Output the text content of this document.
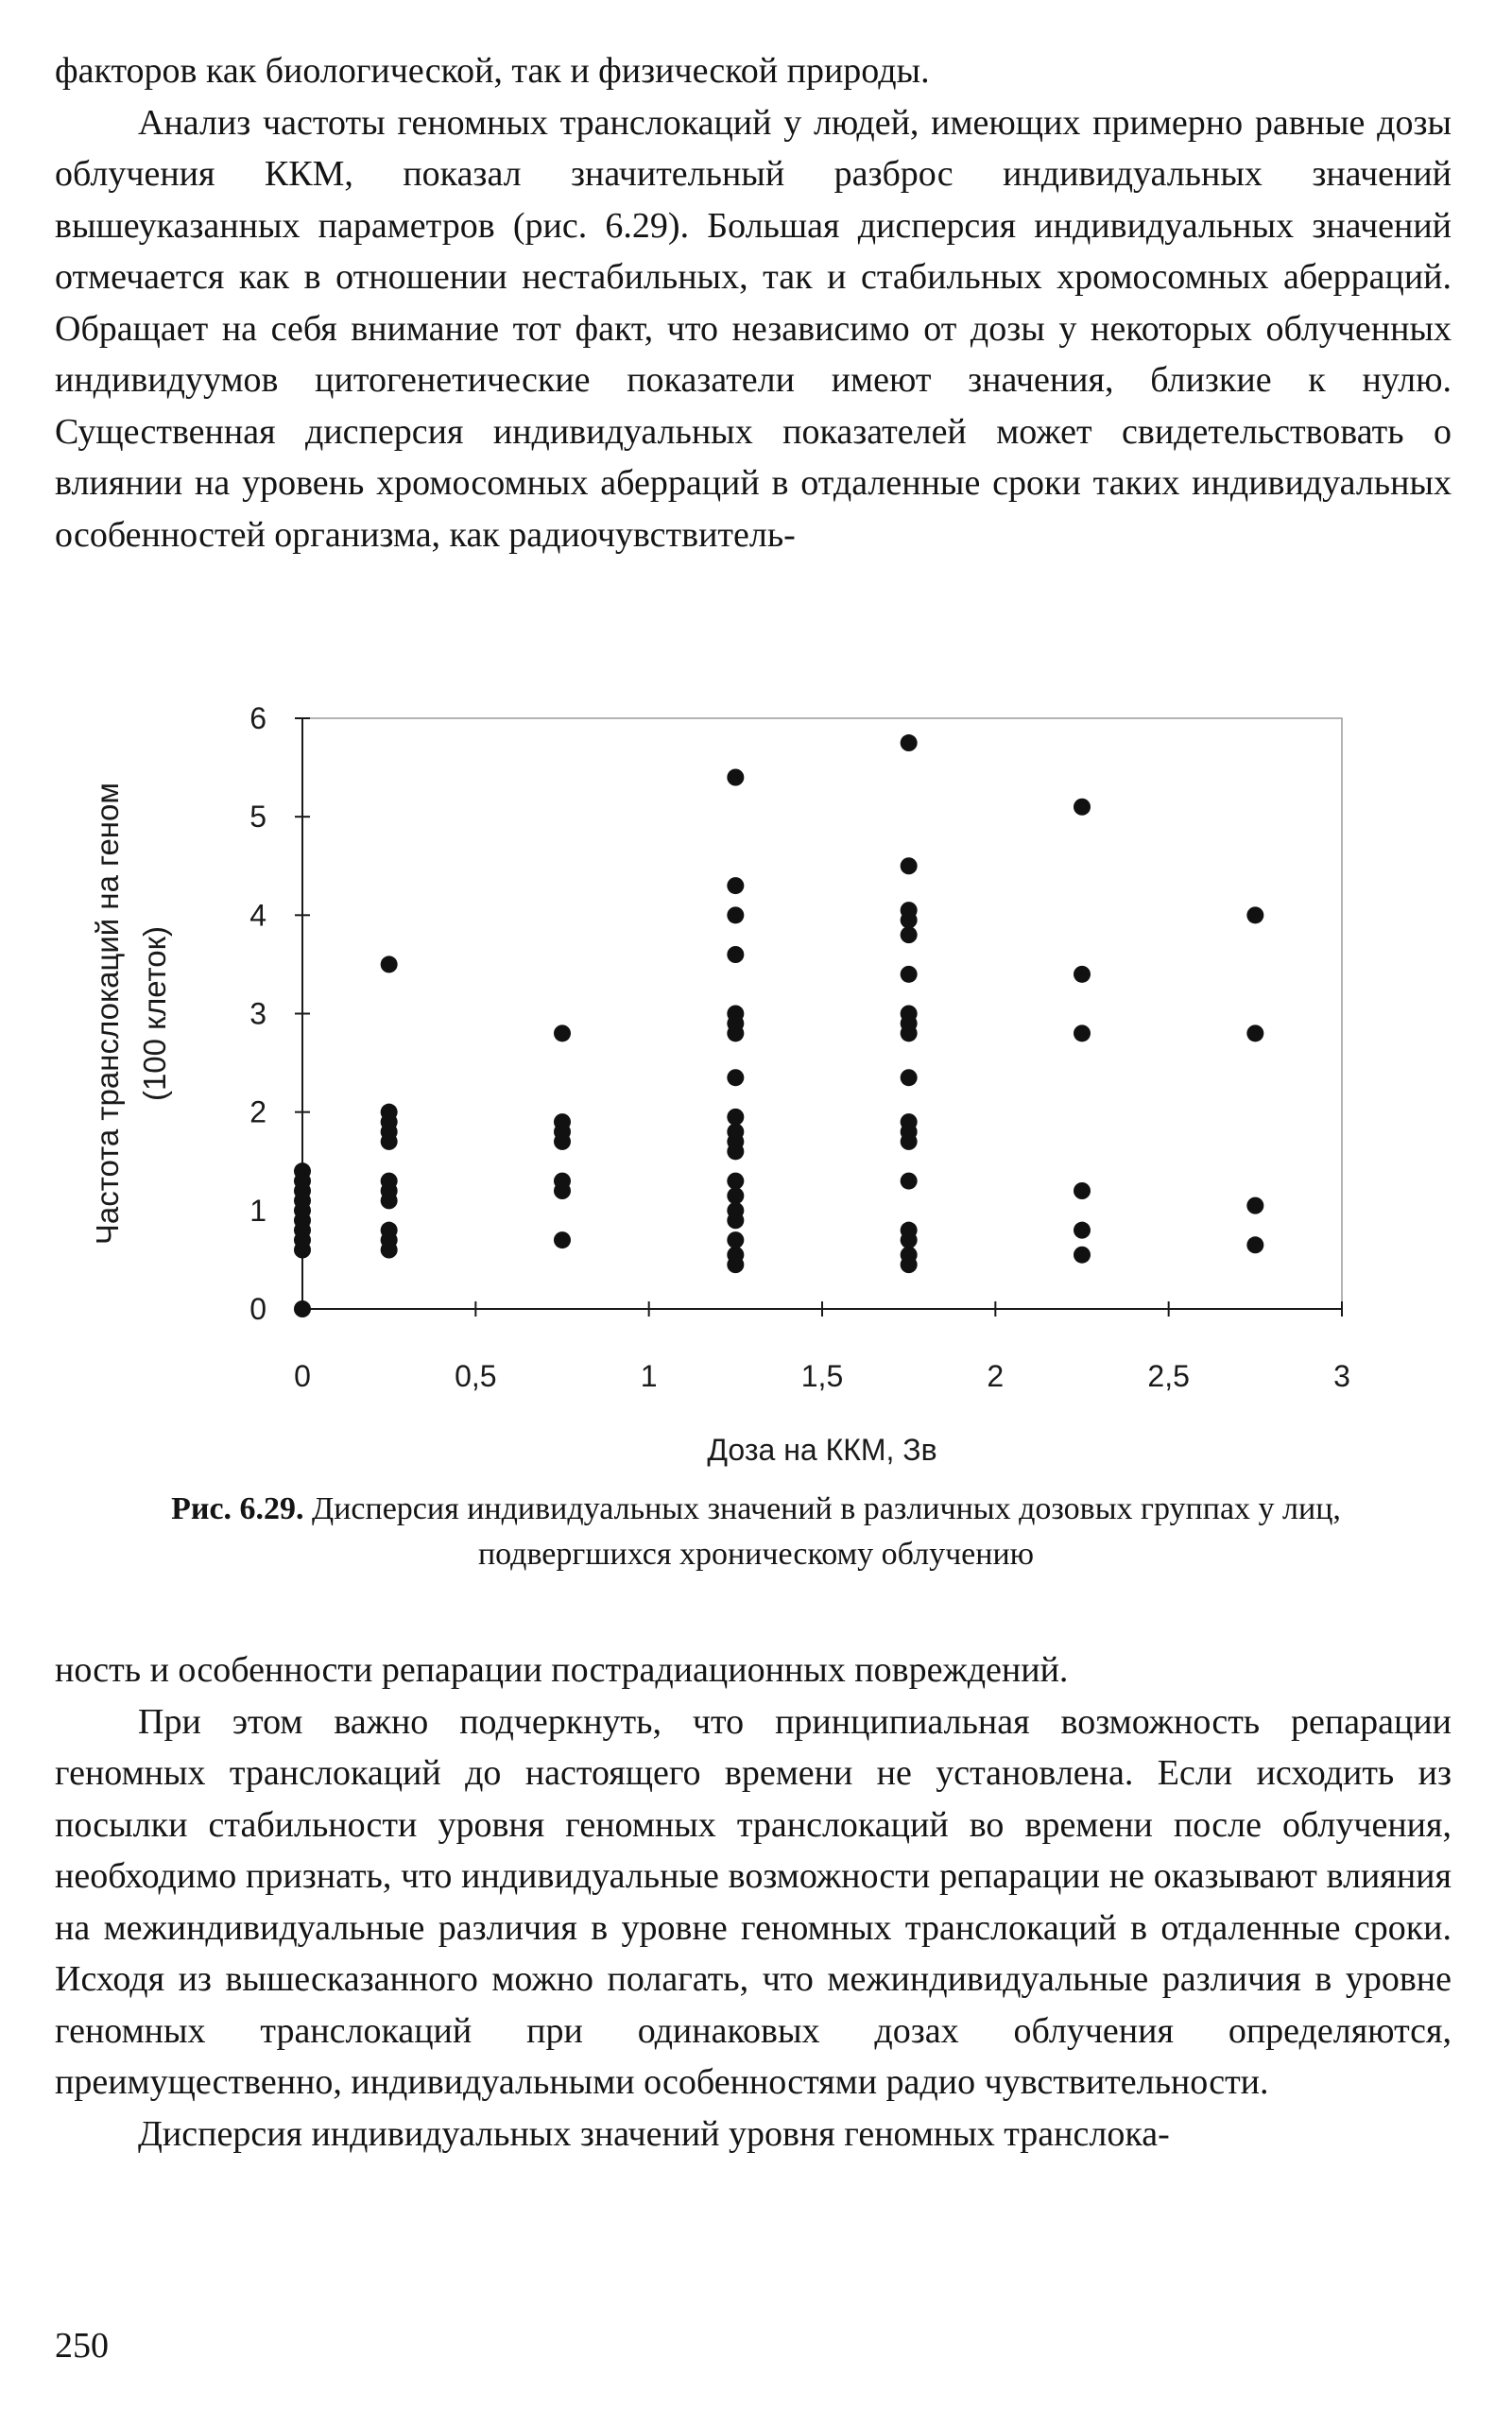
факторов как биологической, так и физической природы.

Анализ частоты геномных транслокаций у людей, имеющих примерно равные дозы облучения ККМ, показал значительный разброс индивидуальных значений вышеуказанных параметров (рис. 6.29). Большая дисперсия индивидуальных значений отмечается как в отношении нестабильных, так и стабильных хромосомных аберраций. Обращает на себя внимание тот факт, что независимо от дозы у некоторых облученных индивидуумов цитогенетические показатели имеют значения, близкие к нулю. Существенная дисперсия индивидуальных показателей может свидетельствовать о влиянии на уровень хромосомных аберраций в отдаленные сроки таких индивидуальных особенностей организма, как радиочувствитель-

0	0,5	1	1,5	2	2,5	3
0
1
2
3
4
5
6
Доза на ККМ, Зв
Частота транслокаций на геном (100 клеток)
Рис. 6.29. Дисперсия индивидуальных значений в различных дозовых группах у лиц, подвергшихся хроническому облучению

ность и особенности репарации пострадиационных повреждений.

При этом важно подчеркнуть, что принципиальная возможность репарации геномных транслокаций до настоящего времени не установлена. Если исходить из посылки стабильности уровня геномных транслокаций во времени после облучения, необходимо признать, что индивидуальные возможности репарации не оказывают влияния на межиндивидуальные различия в уровне геномных транслокаций в отдаленные сроки. Исходя из вышесказанного можно полагать, что межиндивидуальные различия в уровне геномных транслокаций при одинаковых дозах облучения определяются, преимущественно, индивидуальными особенностями радио чувствительности.

Дисперсия индивидуальных значений уровня геномных транслока-

250
